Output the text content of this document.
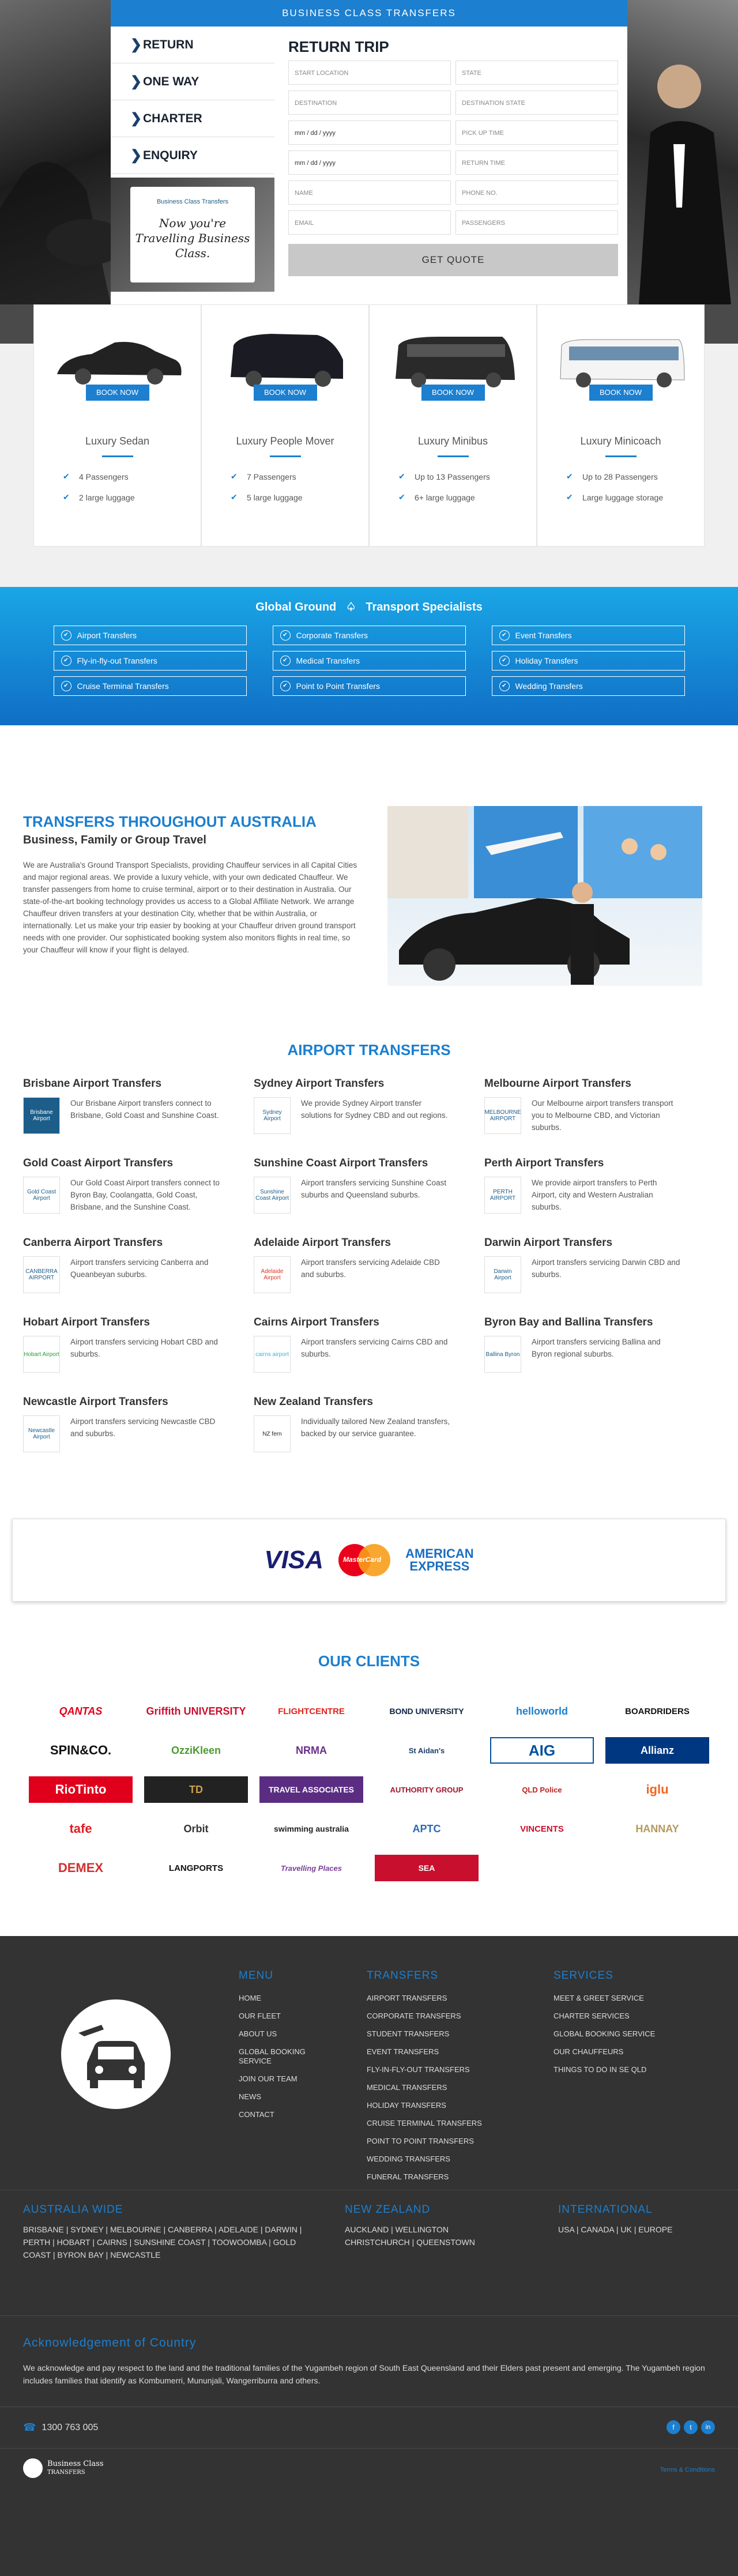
BUSINESS CLASS TRANSFERS
❯ RETURN
❯ ONE WAY
❯ CHARTER
❯ ENQUIRY
Business Class Transfers
Now you're Travelling Business Class.
RETURN TRIP
START LOCATION	STATE
DESTINATION	DESTINATION STATE
mm / dd / yyyy	PICK UP TIME
mm / dd / yyyy	RETURN TIME
NAME	PHONE NO.
EMAIL	PASSENGERS
GET QUOTE
BOOK NOW
Luxury Sedan
✔ 4 Passengers
✔ 2 large luggage
BOOK NOW
Luxury People Mover
✔ 7 Passengers
✔ 5 large luggage
BOOK NOW
Luxury Minibus
✔ Up to 13 Passengers
✔ 6+ large luggage
BOOK NOW
Luxury Minicoach
✔ Up to 28 Passengers
✔ Large luggage storage
Global Ground ♤ Transport Specialists
✔ Airport Transfers	✔ Corporate Transfers	✔ Event Transfers
✔ Fly-in-fly-out Transfers	✔ Medical Transfers	✔ Holiday Transfers
✔ Cruise Terminal Transfers	✔ Point to Point Transfers	✔ Wedding Transfers
TRANSFERS THROUGHOUT AUSTRALIA
Business, Family or Group Travel

We are Australia's Ground Transport Specialists, providing Chauffeur services in all Capital Cities and major regional areas. We provide a luxury vehicle, with your own dedicated Chauffeur. We transfer passengers from home to cruise terminal, airport or to their destination in Australia. Our state-of-the-art booking technology provides us access to a Global Affiliate Network. We arrange Chauffeur driven transfers at your destination City, whether that be within Australia, or internationally. Let us make your trip easier by booking at your Chauffeur driven ground transport needs with one provider. Our sophisticated booking system also monitors flights in real time, so your Chauffeur will know if your flight is delayed.

AIRPORT TRANSFERS
Brisbane Airport Transfers
Brisbane Airport
Our Brisbane Airport transfers connect to Brisbane, Gold Coast and Sunshine Coast.
Sydney Airport Transfers
Sydney Airport
We provide Sydney Airport transfer solutions for Sydney CBD and out regions.
Melbourne Airport Transfers
MELBOURNE AIRPORT
Our Melbourne airport transfers transport you to Melbourne CBD, and Victorian suburbs.
Gold Coast Airport Transfers
Gold Coast Airport
Our Gold Coast Airport transfers connect to Byron Bay, Coolangatta, Gold Coast, Brisbane, and the Sunshine Coast.
Sunshine Coast Airport Transfers
Sunshine Coast Airport
Airport transfers servicing Sunshine Coast suburbs and Queensland suburbs.
Perth Airport Transfers
PERTH AIRPORT
We provide airport transfers to Perth Airport, city and Western Australian suburbs.
Canberra Airport Transfers
CANBERRA AIRPORT
Airport transfers servicing Canberra and Queanbeyan suburbs.
Adelaide Airport Transfers
Adelaide Airport
Airport transfers servicing Adelaide CBD and suburbs.
Darwin Airport Transfers
Darwin Airport
Airport transfers servicing Darwin CBD and suburbs.
Hobart Airport Transfers
Hobart Airport
Airport transfers servicing Hobart CBD and suburbs.
Cairns Airport Transfers
cairns airport
Airport transfers servicing Cairns CBD and suburbs.
Byron Bay and Ballina Transfers
Ballina Byron
Airport transfers servicing Ballina and Byron regional suburbs.
Newcastle Airport Transfers
Newcastle Airport
Airport transfers servicing Newcastle CBD and suburbs.
New Zealand Transfers
NZ fern
Individually tailored New Zealand transfers, backed by our service guarantee.
VISA	MasterCard AMERICAN
EXPRESS
OUR CLIENTS
QANTAS	Griffith UNIVERSITY	FLIGHTCENTRE	BOND UNIVERSITY	helloworld	BOARDRIDERS
SPIN&CO.	OzziKleen	NRMA	St Aidan's	AIG	Allianz
RioTinto	TD	TRAVEL ASSOCIATES	AUTHORITY GROUP	QLD Police	iglu
tafe	Orbit	swimming australia	APTC	VINCENTS	HANNAY
DEMEX	LANGPORTS	Travelling Places	SEA
MENU
HOME
OUR FLEET
ABOUT US
GLOBAL BOOKING SERVICE
JOIN OUR TEAM
NEWS
CONTACT
TRANSFERS
AIRPORT TRANSFERS
CORPORATE TRANSFERS
STUDENT TRANSFERS
EVENT TRANSFERS
FLY-IN-FLY-OUT TRANSFERS
MEDICAL TRANSFERS
HOLIDAY TRANSFERS
CRUISE TERMINAL TRANSFERS
POINT TO POINT TRANSFERS
WEDDING TRANSFERS
FUNERAL TRANSFERS
SERVICES
MEET & GREET SERVICE
CHARTER SERVICES
GLOBAL BOOKING SERVICE
OUR CHAUFFEURS
THINGS TO DO IN SE QLD
AUSTRALIA WIDE
BRISBANE | SYDNEY | MELBOURNE | CANBERRA | ADELAIDE | DARWIN | PERTH | HOBART | CAIRNS | SUNSHINE COAST | TOOWOOMBA | GOLD COAST | BYRON BAY | NEWCASTLE
NEW ZEALAND
AUCKLAND | WELLINGTON CHRISTCHURCH | QUEENSTOWN
INTERNATIONAL
USA | CANADA | UK | EUROPE
Acknowledgement of Country
We acknowledge and pay respect to the land and the traditional families of the Yugambeh region of South East Queensland and their Elders past present and emerging. The Yugambeh region includes families that identify as Kombumerri, Mununjali, Wangerriburra and others.
☎ 1300 763 005	f	t	in
Business Class
TRANSFERS	Terms & Conditions
